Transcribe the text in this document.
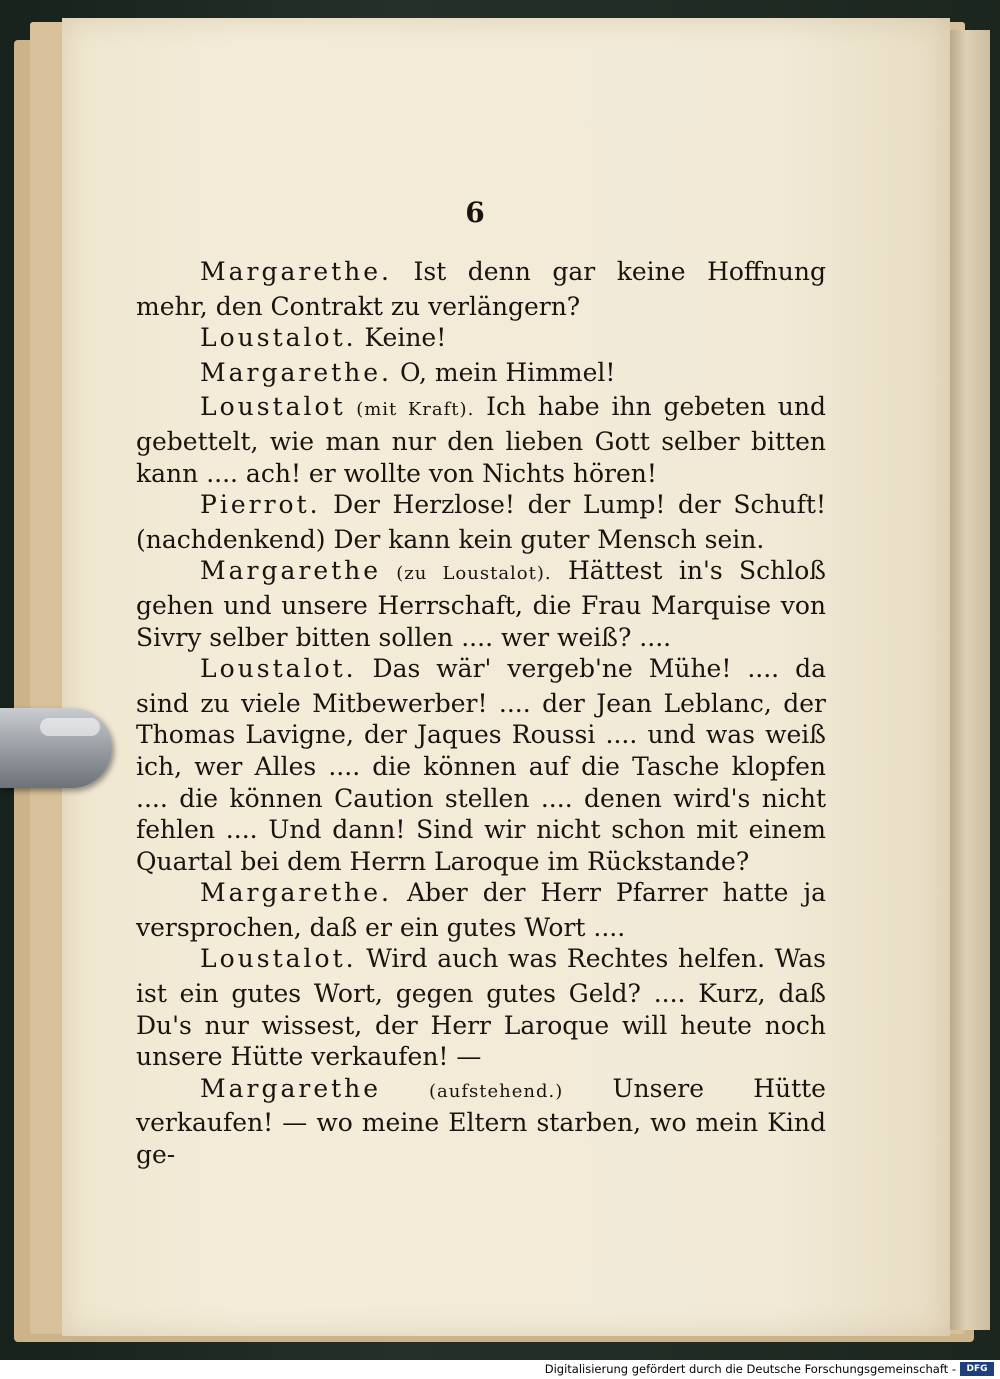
6

Margarethe. Ist denn gar keine Hoffnung mehr, den Contrakt zu verlängern?

Loustalot. Keine!

Margarethe. O, mein Himmel!

Loustalot (mit Kraft). Ich habe ihn gebeten und gebettelt, wie man nur den lieben Gott selber bitten kann .... ach! er wollte von Nichts hören!

Pierrot. Der Herzlose! der Lump! der Schuft! (nachdenkend) Der kann kein guter Mensch sein.

Margarethe (zu Loustalot). Hättest in's Schloß gehen und unsere Herrschaft, die Frau Marquise von Sivry selber bitten sollen .... wer weiß? ....

Loustalot. Das wär' vergeb'ne Mühe! .... da sind zu viele Mitbewerber! .... der Jean Leblanc, der Thomas Lavigne, der Jaques Roussi .... und was weiß ich, wer Alles .... die können auf die Tasche klopfen .... die können Caution stellen .... denen wird's nicht fehlen .... Und dann! Sind wir nicht schon mit einem Quartal bei dem Herrn Laroque im Rückstande?

Margarethe. Aber der Herr Pfarrer hatte ja versprochen, daß er ein gutes Wort ....

Loustalot. Wird auch was Rechtes helfen. Was ist ein gutes Wort, gegen gutes Geld? .... Kurz, daß Du's nur wissest, der Herr Laroque will heute noch unsere Hütte verkaufen! —

Margarethe (aufstehend.) Unsere Hütte verkaufen! — wo meine Eltern starben, wo mein Kind ge-

Digitalisierung gefördert durch die Deutsche Forschungsgemeinschaft -	DFG
